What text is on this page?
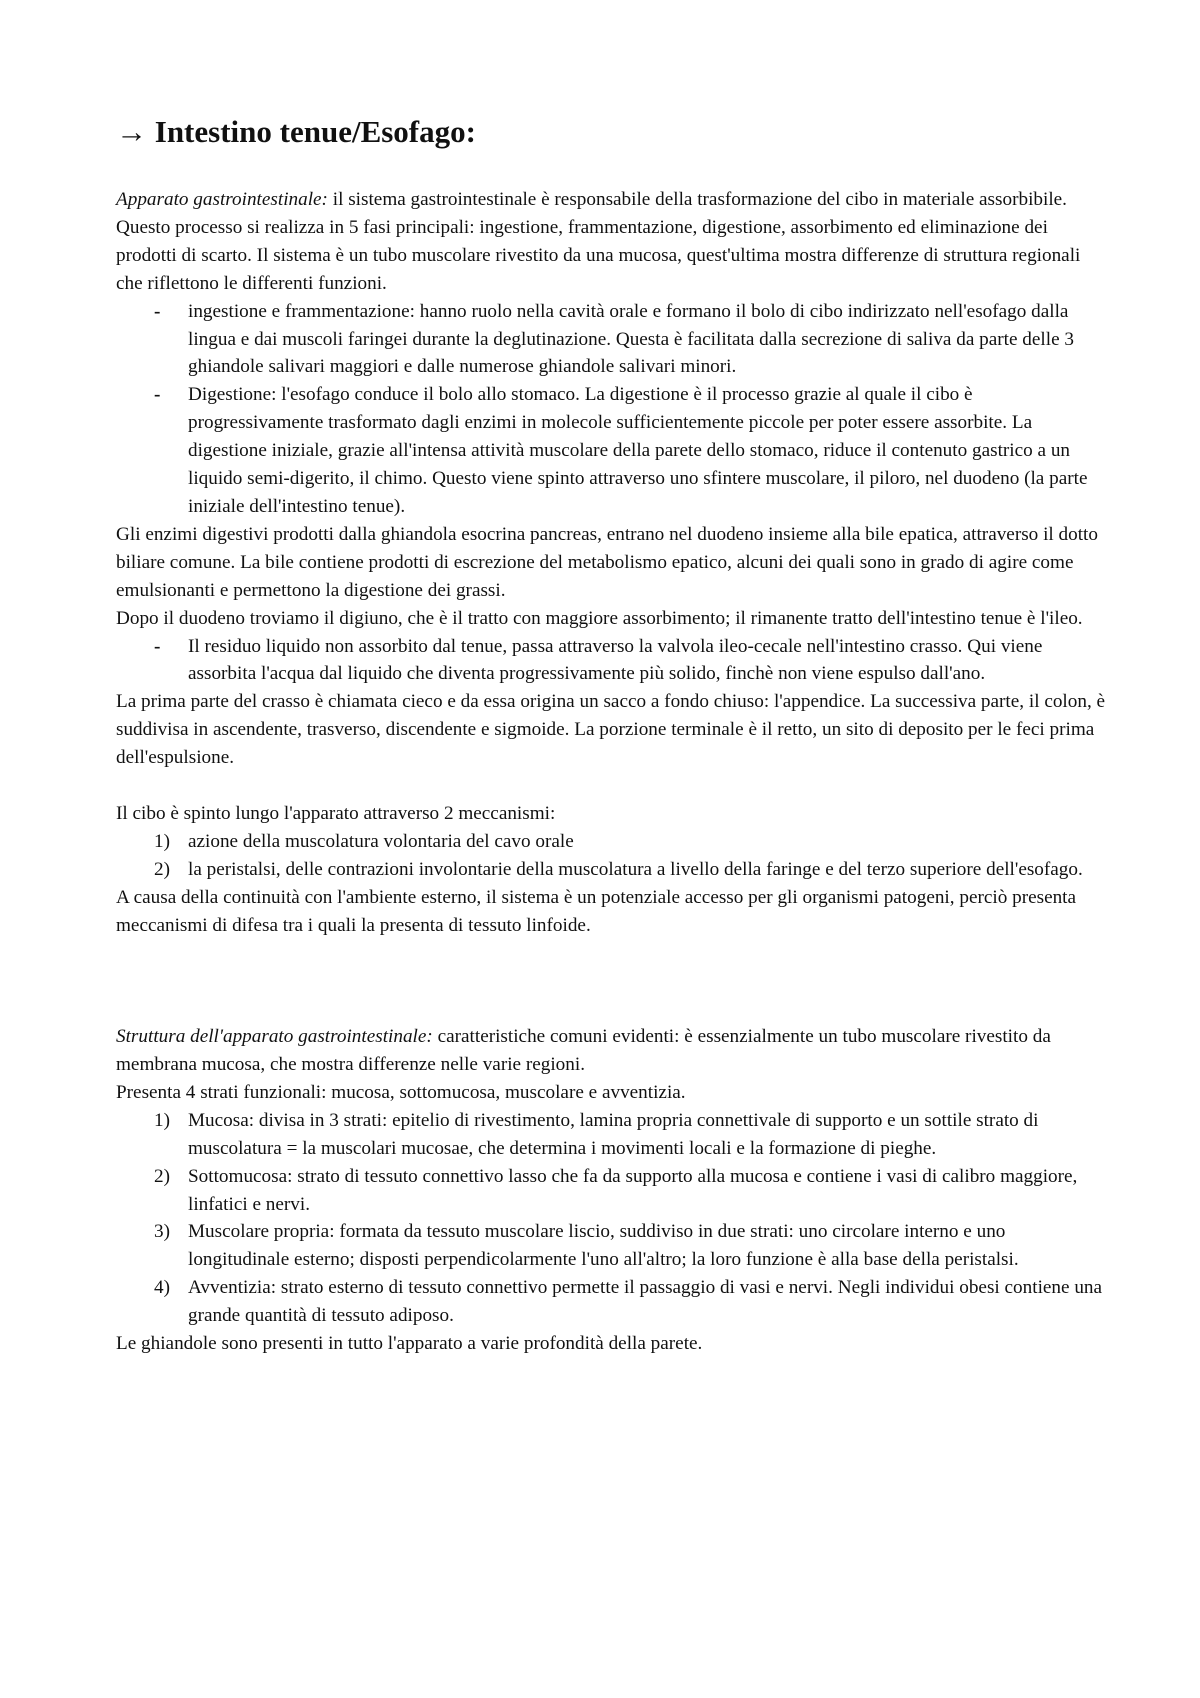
→ Intestino tenue/Esofago:

Apparato gastrointestinale: il sistema gastrointestinale è responsabile della trasformazione del cibo in materiale assorbibile. Questo processo si realizza in 5 fasi principali: ingestione, frammentazione, digestione, assorbimento ed eliminazione dei prodotti di scarto. Il sistema è un tubo muscolare rivestito da una mucosa, quest'ultima mostra differenze di struttura regionali che riflettono le differenti funzioni.

- ingestione e frammentazione: hanno ruolo nella cavità orale e formano il bolo di cibo indirizzato nell'esofago dalla lingua e dai muscoli faringei durante la deglutinazione. Questa è facilitata dalla secrezione di saliva da parte delle 3 ghiandole salivari maggiori e dalle numerose ghiandole salivari minori.
- Digestione: l'esofago conduce il bolo allo stomaco. La digestione è il processo grazie al quale il cibo è progressivamente trasformato dagli enzimi in molecole sufficientemente piccole per poter essere assorbite. La digestione iniziale, grazie all'intensa attività muscolare della parete dello stomaco, riduce il contenuto gastrico a un liquido semi-digerito, il chimo. Questo viene spinto attraverso uno sfintere muscolare, il piloro, nel duodeno (la parte iniziale dell'intestino tenue).

Gli enzimi digestivi prodotti dalla ghiandola esocrina pancreas, entrano nel duodeno insieme alla bile epatica, attraverso il dotto biliare comune. La bile contiene prodotti di escrezione del metabolismo epatico, alcuni dei quali sono in grado di agire come emulsionanti e permettono la digestione dei grassi.

Dopo il duodeno troviamo il digiuno, che è il tratto con maggiore assorbimento; il rimanente tratto dell'intestino tenue è l'ileo.

- Il residuo liquido non assorbito dal tenue, passa attraverso la valvola ileo-cecale nell'intestino crasso. Qui viene assorbita l'acqua dal liquido che diventa progressivamente più solido, finchè non viene espulso dall'ano.

La prima parte del crasso è chiamata cieco e da essa origina un sacco a fondo chiuso: l'appendice. La successiva parte, il colon, è suddivisa in ascendente, trasverso, discendente e sigmoide. La porzione terminale è il retto, un sito di deposito per le feci prima dell'espulsione.

Il cibo è spinto lungo l'apparato attraverso 2 meccanismi:

1) azione della muscolatura volontaria del cavo orale
2) la peristalsi, delle contrazioni involontarie della muscolatura a livello della faringe e del terzo superiore dell'esofago.

A causa della continuità con l'ambiente esterno, il sistema è un potenziale accesso per gli organismi patogeni, perciò presenta meccanismi di difesa tra i quali la presenta di tessuto linfoide.

Struttura dell'apparato gastrointestinale: caratteristiche comuni evidenti: è essenzialmente un tubo muscolare rivestito da membrana mucosa, che mostra differenze nelle varie regioni.

Presenta 4 strati funzionali: mucosa, sottomucosa, muscolare e avventizia.

1) Mucosa: divisa in 3 strati: epitelio di rivestimento, lamina propria connettivale di supporto e un sottile strato di muscolatura = la muscolari mucosae, che determina i movimenti locali e la formazione di pieghe.
2) Sottomucosa: strato di tessuto connettivo lasso che fa da supporto alla mucosa e contiene i vasi di calibro maggiore, linfatici e nervi.
3) Muscolare propria: formata da tessuto muscolare liscio, suddiviso in due strati: uno circolare interno e uno longitudinale esterno; disposti perpendicolarmente l'uno all'altro; la loro funzione è alla base della peristalsi.
4) Avventizia: strato esterno di tessuto connettivo permette il passaggio di vasi e nervi. Negli individui obesi contiene una grande quantità di tessuto adiposo.

Le ghiandole sono presenti in tutto l'apparato a varie profondità della parete.
